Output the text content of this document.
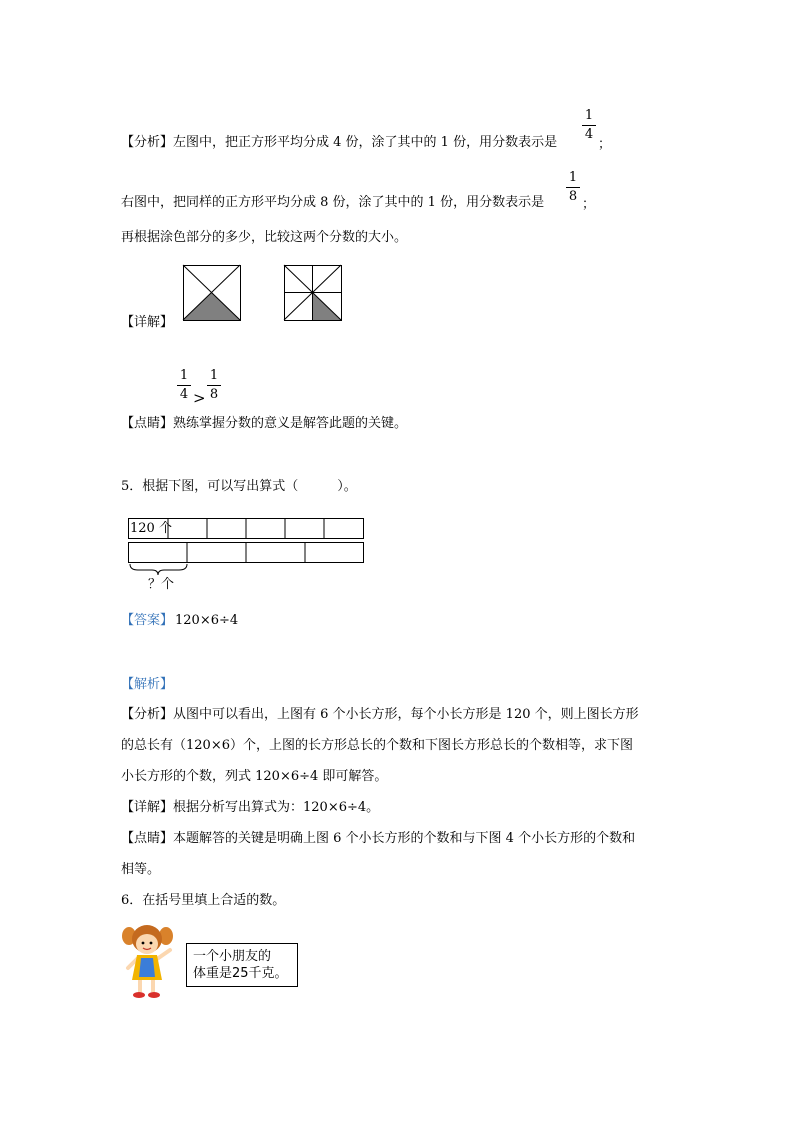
【分析】左图中，把正方形平均分成 4 份，涂了其中的 1 份，用分数表示是
1
4
；
右图中，把同样的正方形平均分成 8 份，涂了其中的 1 份，用分数表示是
1
8
；
再根据涂色部分的多少，比较这两个分数的大小。
【详解】
1
4 >
1
8
【点睛】熟练掌握分数的意义是解答此题的关键。
5．根据下图，可以写出算式（　　　）。
120 个
？个
【答案】 120×6÷4
【解析】
【分析】从图中可以看出，上图有 6 个小长方形，每个小长方形是 120 个，则上图长方形
的总长有（120×6）个，上图的长方形总长的个数和下图长方形总长的个数相等，求下图
小长方形的个数，列式 120×6÷4 即可解答。
【详解】根据分析写出算式为：120×6÷4。
【点睛】本题解答的关键是明确上图 6 个小长方形的个数和与下图 4 个小长方形的个数和
相等。
6．在括号里填上合适的数。
一个小朋友的
体重是25千克。
